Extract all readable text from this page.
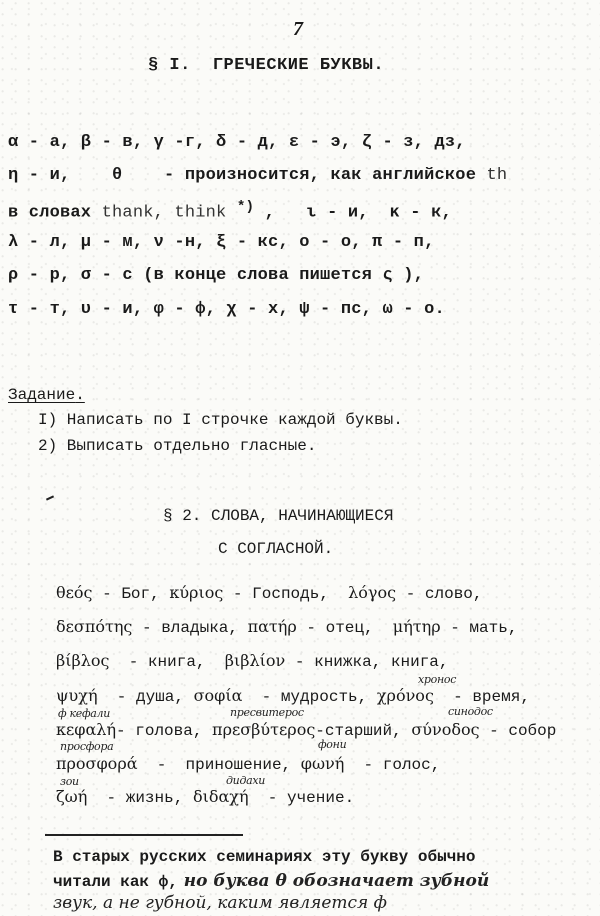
7
§ I. ГРЕЧЕСКИЕ БУКВЫ.
α - а, β - в, γ -г, δ - д, ε - э, ζ - з, дз,
η - и, θ - произносится, как английское th
в словах thank, think *) ,   ι - и,  κ - к,
λ - л, μ - м, ν -н, ξ - кс, ο - о, π - п,
ρ - р, σ - с (в конце слова пишется ς ),
τ - т, υ - и, φ - ф, χ - х, ψ - пс, ω - о.
Задание.
I) Написать по I строчке каждой буквы.
2) Выписать отдельно гласные.
§ 2. СЛОВА, НАЧИНАЮЩИЕСЯ
С СОГЛАСНОЙ.
θεός - Бог, κύριος - Господь,  λόγος - слово,
δεσπότης - владыка, πατήρ - отец,  μήτηρ - мать,
βίβλος  - книга,  βιβλίον - книжка, книга,
ψυχή  - душа, σοφία  - мудрость, χρόνος  - время,
κεφαλή- голова, πρεσβύτερος-старший, σύνοδος - собор
προσφορά  -  приношение, φωνή  - голос,
ζωή  - жизнь, διδαχή  - учение.
хронос
ф кефали	пресвитерос	синодос
просфора	фони
зои	дидахи
В старых русских семинариях эту букву обычно
читали как ф, но буква θ обозначает зубной
звук, а не губной, каким является ф
